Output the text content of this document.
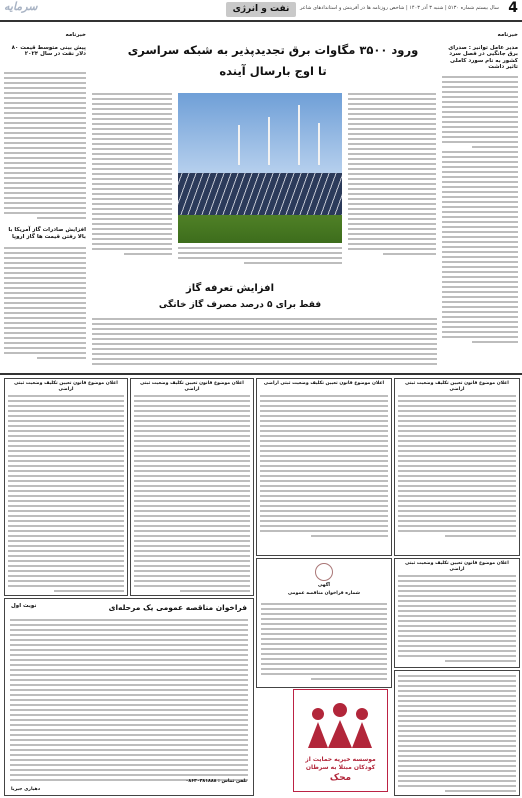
4
سرمایه	نفت و انرژی	سال بیستم شماره ۵۱۳۰ | شنبه ۳ آذر ۱۴۰۳ | شاخص روزنامه ها در آفرینش و استاندادهای شاعر
خبرنامه
مدیر عامل توانیر : صدرای برق جانگیی در فصل سرد کشور به نام سورد کاملی تاثیر داشت
ورود ۳۵۰۰ مگاوات برق تجدیدپذیر به شبکه سراسری
تا اوج بارسال آینده
افزایش تعرفه گاز
فقط برای ۵ درصد مصرف گاز خانگی
خبرنامه
پیش بینی متوسط قیمت ۸۰ دلار نفت در سال ۲۰۲۴
افزایش صادرات گاز آمریکا با بالا رفتن قیمت ها گاز اروپا
اعلان موضوع قانون تعیین تکلیف وضعیت ثبتی اراضی
اعلان موضوع قانون تعیین تکلیف وضعیت ثبتی اراضی
اعلان موضوع قانون تعیین تکلیف وضعیت ثبتی اراضی	اعلان موضوع قانون تعیین تکلیف وضعیت ثبتی اراضی
آگهی
شماره فراخوان مناقصه عمومی
اعلان موضوع قانون تعیین تکلیف وضعیت ثبتی اراضی
فراخوان مناقصه عمومی یک مرحله‌ای
نوبت اول
تلفن تماس : ۰۸۶۳۰۳۸۱۸۸۸
دهیاری جیریا
موسسه خیریه حمایت از
کودکان مبتلا به سرطان
محک
